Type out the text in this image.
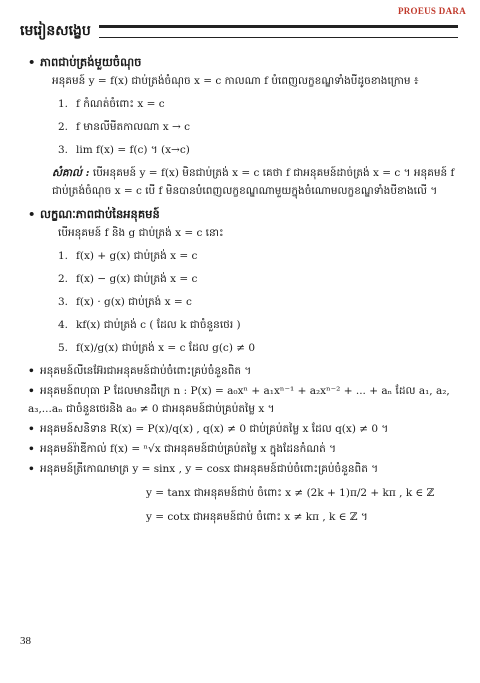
PROEUS DARA
មេរៀនសង្ខេប
• ភាពជាប់ត្រង់មួយចំណុច
អនុគមន៍ y = f(x) ជាប់ត្រង់ចំណុច x = c កាលណា f បំពេញលក្ខខណ្ឌទាំងបីដូចខាងក្រោម ៖
1. f កំណត់ចំពោះ x = c
2. f មានលីមីតកាលណា x → c
3. lim f(x) = f(c) ។ (x→c)
សំគាល់ : បើអនុគមន៍ y = f(x) មិនជាប់ត្រង់ x = c គេថា f ជាអនុគមន៍ដាច់ត្រង់ x = c ។ អនុគមន៍ f ជាប់ត្រង់ចំណុច x = c បើ f មិនបានបំពេញលក្ខខណ្ឌណាមួយក្នុងចំណោមលក្ខខណ្ឌទាំងបីខាងលើ ។
• លក្ខណៈភាពជាប់នៃអនុគមន៍
បើអនុគមន៍ f និង g ជាប់ត្រង់ x = c នោះ
1. f(x) + g(x) ជាប់ត្រង់ x = c
2. f(x) − g(x) ជាប់ត្រង់ x = c
3. f(x) · g(x) ជាប់ត្រង់ x = c
4. kf(x) ជាប់ត្រង់ c ( ដែល k ជាចំនួនថេរ )
5. f(x)/g(x) ជាប់ត្រង់ x = c ដែល g(c) ≠ 0
• អនុគមន៍លីនេអ៊ែរជាអនុគមន៍ជាប់ចំពោះគ្រប់ចំនួនពិត ។
• អនុគមន៍ពហុធា P ដែលមានដឺក្រេ n : P(x) = a₀xⁿ + a₁xⁿ⁻¹ + a₂xⁿ⁻² + ... + aₙ ដែល a₁, a₂, a₃,...aₙ ជាចំនួនថេរនិង a₀ ≠ 0 ជាអនុគមន៍ជាប់គ្រប់តម្លៃ x ។
• អនុគមន៍សនិទាន R(x) = P(x)/q(x) , q(x) ≠ 0 ជាប់គ្រប់តម្លៃ x ដែល q(x) ≠ 0 ។
• អនុគមន៍រ៉ាឌីកាល់ f(x) = ⁿ√x ជាអនុគមន៍ជាប់គ្រប់តម្លៃ x ក្នុងដែនកំណត់ ។
• អនុគមន៍ត្រីកោណមាត្រ y = sinx , y = cosx ជាអនុគមន៍ជាប់ចំពោះគ្រប់ចំនួនពិត ។
y = tanx ជាអនុគមន៍ជាប់ ចំពោះ x ≠ (2k + 1)π/2 + kπ , k ∈ ℤ
y = cotx ជាអនុគមន៍ជាប់ ចំពោះ x ≠ kπ , k ∈ ℤ ។
38
